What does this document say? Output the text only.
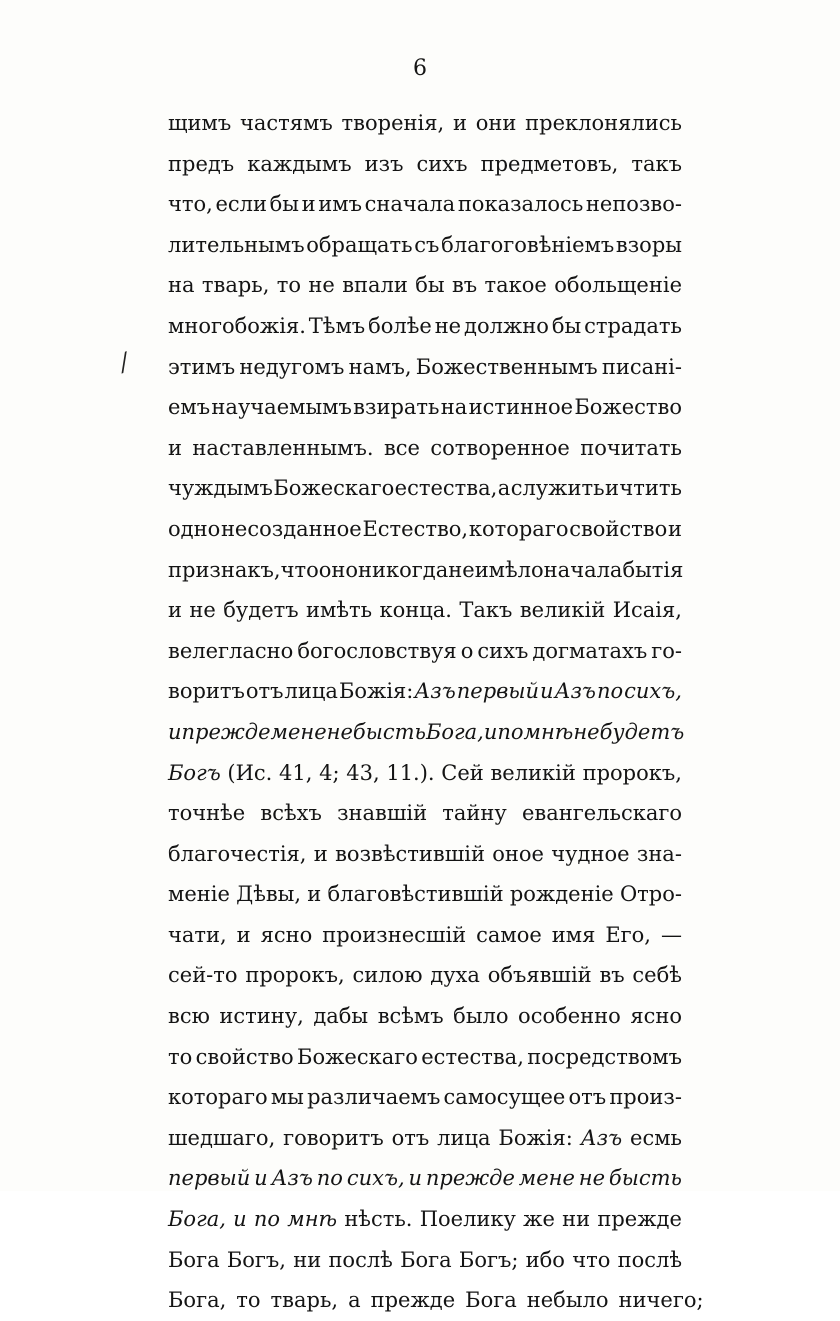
6
/
щимъ частямъ творенія, и они преклонялись
предъ каждымъ изъ сихъ предметовъ, такъ
что, если бы и имъ сначала показалось непозво-
лительнымъ обращать съ благоговѣніемъ взоры
на тварь, то не впали бы въ такое обольщеніе
многобожія. Тѣмъ болѣе не должно бы страдать
этимъ недугомъ намъ, Божественнымъ писані-
емъ научаемымъ взирать на истинное Божество
и наставленнымъ. все сотворенное почитать
чуждымъ Божескаго естества, а служить и чтить
одно несозданное Естество, котораго свойство и
признакъ, что оно никогда не имѣло начала бытія
и не будетъ имѣть конца. Такъ великій Исаія,
велегласно богословствуя о сихъ догматахъ го-
воритъ отъ лица Божія: Азъ первый и Азъ по сихъ,
и прежде мене не бысть Бога, и по мнѣ не будетъ
Богъ (Ис. 41, 4; 43, 11.). Сей великій пророкъ,
точнѣе всѣхъ знавшій тайну евангельскаго
благочестія, и возвѣстившій оное чудное зна-
меніе Дѣвы, и благовѣстившій рожденіе Отро-
чати, и ясно произнесшій самое имя Его, —
сей-то пророкъ, силою духа объявшій въ себѣ
всю истину, дабы всѣмъ было особенно ясно
то свойство Божескаго естества, посредствомъ
котораго мы различаемъ самосущее отъ произ-
шедшаго, говоритъ отъ лица Божія: Азъ есмь
первый и Азъ по сихъ, и прежде мене не бысть
Бога, и по мнѣ нѣсть. Поелику же ни прежде
Бога Богъ, ни послѣ Бога Богъ; ибо что послѣ
Бога, то тварь, а прежде Бога небыло ничего;
